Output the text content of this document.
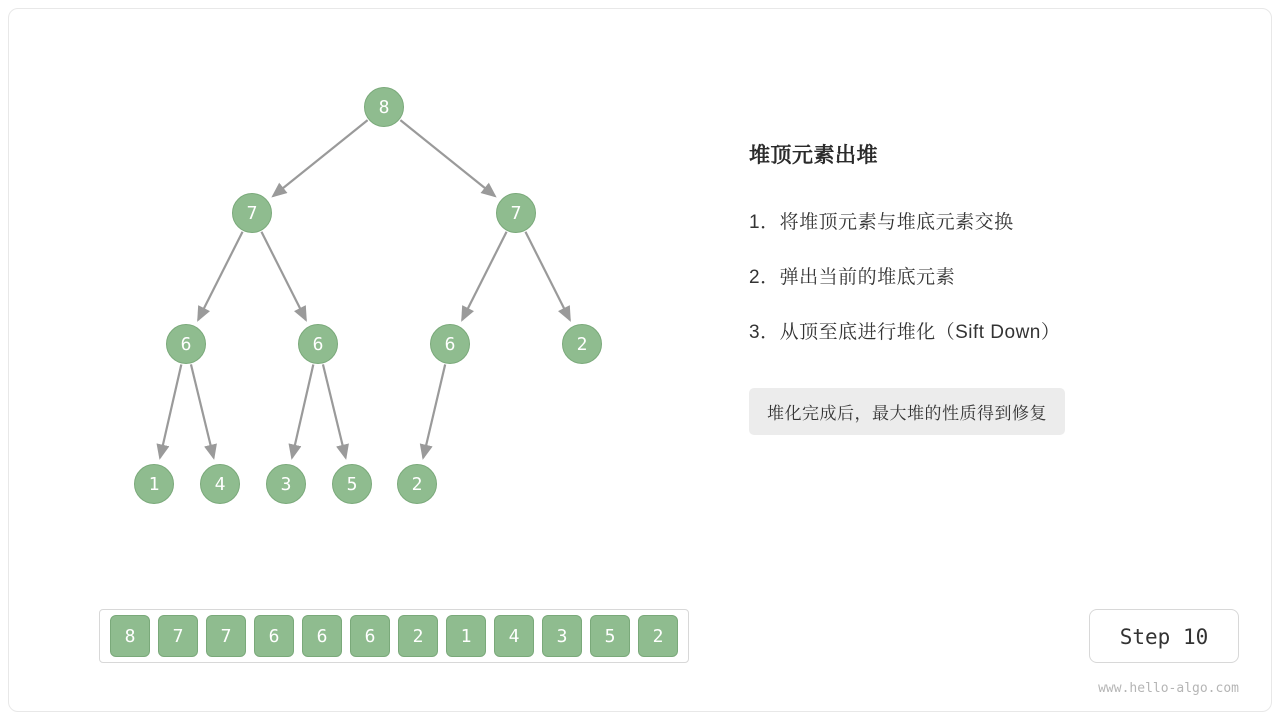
8
7	7
6	6	6	2
1	4	3	5	2
8	7	7	6	6	6	2	1	4	3	5	2
堆顶元素出堆
1．将堆顶元素与堆底元素交换
2．弹出当前的堆底元素
3．从顶至底进行堆化（Sift Down）
堆化完成后，最大堆的性质得到修复
Step 10
www.hello-algo.com
